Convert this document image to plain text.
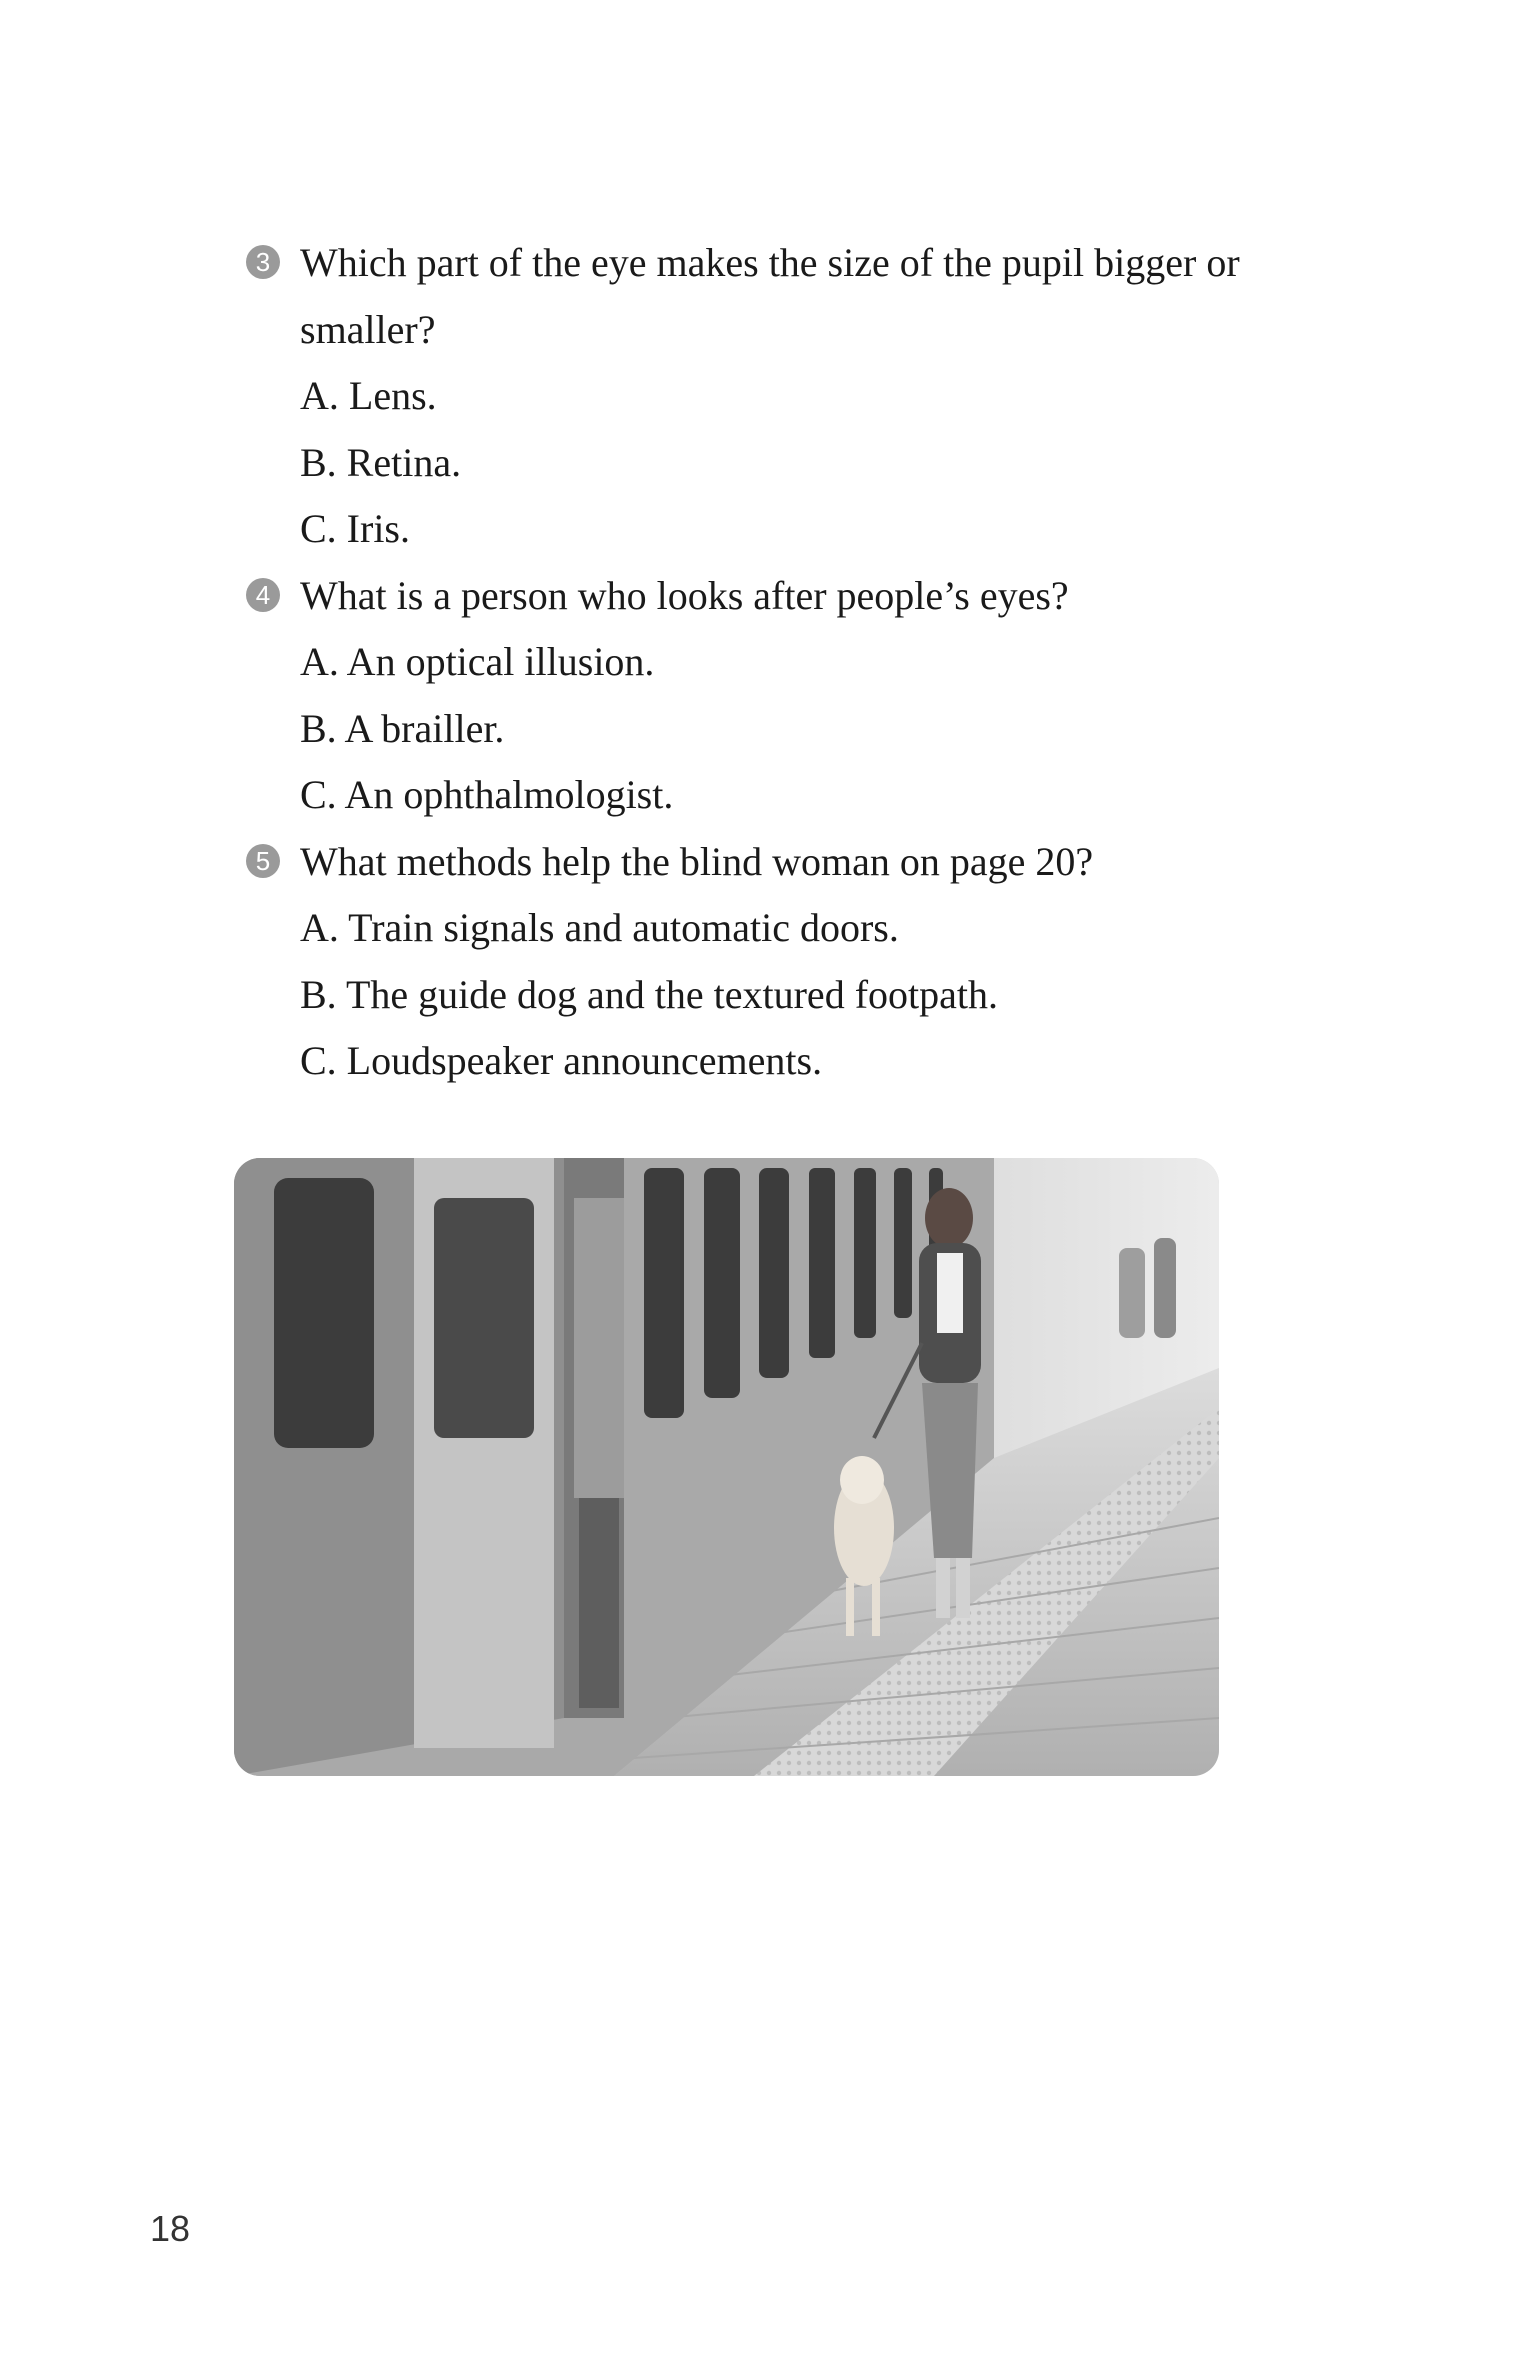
3 Which part of the eye makes the size of the pupil bigger or
smaller?
A. Lens.
B. Retina.
C. Iris.
4 What is a person who looks after people’s eyes?
A. An optical illusion.
B. A brailler.
C. An ophthalmologist.
5 What methods help the blind woman on page 20?
A. Train signals and automatic doors.
B. The guide dog and the textured footpath.
C. Loudspeaker announcements.
18
